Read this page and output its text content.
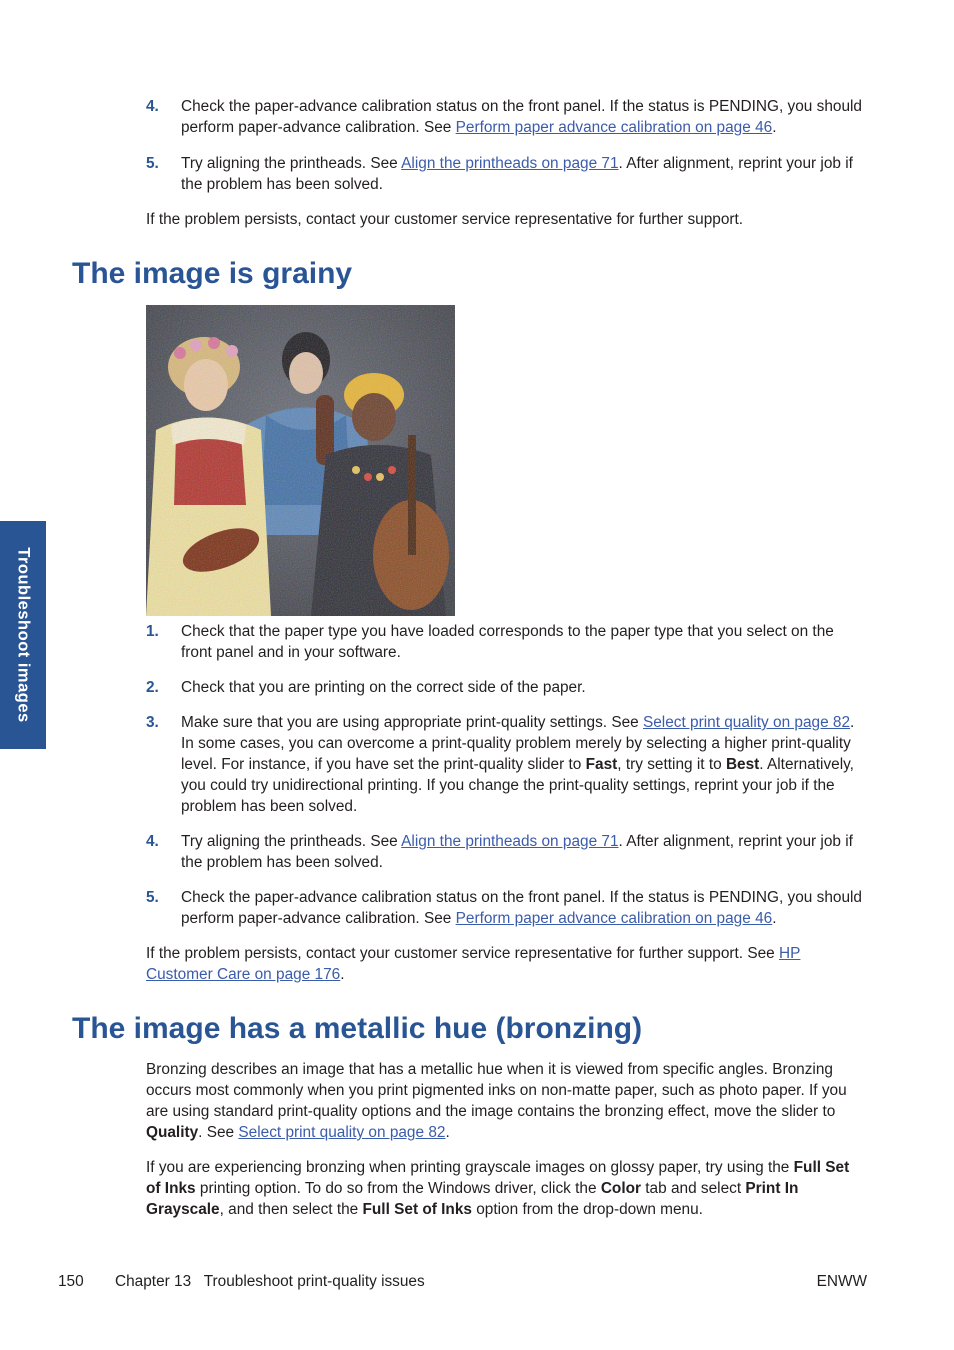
4. Check the paper-advance calibration status on the front panel. If the status is PENDING, you should perform paper-advance calibration. See Perform paper advance calibration on page 46.
5. Try aligning the printheads. See Align the printheads on page 71. After alignment, reprint your job if the problem has been solved.
If the problem persists, contact your customer service representative for further support.
The image is grainy
1. Check that the paper type you have loaded corresponds to the paper type that you select on the front panel and in your software.
2. Check that you are printing on the correct side of the paper.
3. Make sure that you are using appropriate print-quality settings. See Select print quality on page 82. In some cases, you can overcome a print-quality problem merely by selecting a higher print-quality level. For instance, if you have set the print-quality slider to Fast, try setting it to Best. Alternatively, you could try unidirectional printing. If you change the print-quality settings, reprint your job if the problem has been solved.
4. Try aligning the printheads. See Align the printheads on page 71. After alignment, reprint your job if the problem has been solved.
5. Check the paper-advance calibration status on the front panel. If the status is PENDING, you should perform paper-advance calibration. See Perform paper advance calibration on page 46.
If the problem persists, contact your customer service representative for further support. See HP Customer Care on page 176.
The image has a metallic hue (bronzing)
Bronzing describes an image that has a metallic hue when it is viewed from specific angles. Bronzing occurs most commonly when you print pigmented inks on non-matte paper, such as photo paper. If you are using standard print-quality options and the image contains the bronzing effect, move the slider to Quality. See Select print quality on page 82.
If you are experiencing bronzing when printing grayscale images on glossy paper, try using the Full Set of Inks printing option. To do so from the Windows driver, click the Color tab and select Print In Grayscale, and then select the Full Set of Inks option from the drop-down menu.
Troubleshoot images
150 Chapter 13   Troubleshoot print-quality issues	ENWW
